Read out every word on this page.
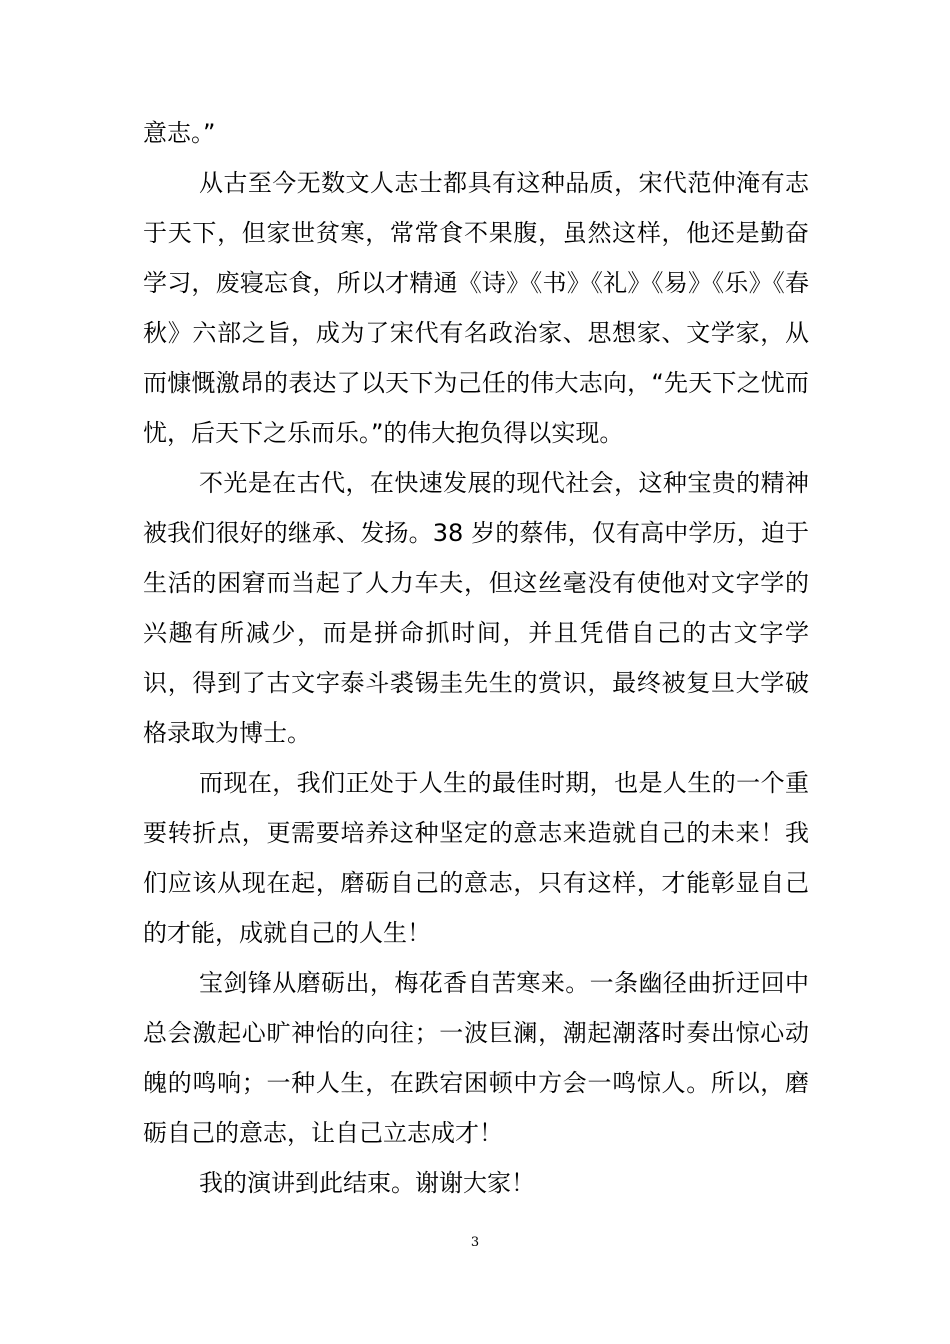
意志。”

从古至今无数文人志士都具有这种品质，宋代范仲淹有志于天下，但家世贫寒，常常食不果腹，虽然这样，他还是勤奋学习，废寝忘食，所以才精通《诗》《书》《礼》《易》《乐》《春秋》六部之旨，成为了宋代有名政治家、思想家、文学家，从而慷慨激昂的表达了以天下为己任的伟大志向，“先天下之忧而忧，后天下之乐而乐。”的伟大抱负得以实现。

不光是在古代，在快速发展的现代社会，这种宝贵的精神被我们很好的继承、发扬。38 岁的蔡伟，仅有高中学历，迫于生活的困窘而当起了人力车夫，但这丝毫没有使他对文字学的兴趣有所减少，而是拼命抓时间，并且凭借自己的古文字学识，得到了古文字泰斗裘锡圭先生的赏识，最终被复旦大学破格录取为博士。

而现在，我们正处于人生的最佳时期，也是人生的一个重要转折点，更需要培养这种坚定的意志来造就自己的未来！我们应该从现在起，磨砺自己的意志，只有这样，才能彰显自己的才能，成就自己的人生！

宝剑锋从磨砺出，梅花香自苦寒来。一条幽径曲折迂回中总会激起心旷神怡的向往；一波巨澜，潮起潮落时奏出惊心动魄的鸣响；一种人生，在跌宕困顿中方会一鸣惊人。所以，磨砺自己的意志，让自己立志成才！

我的演讲到此结束。谢谢大家！

3
